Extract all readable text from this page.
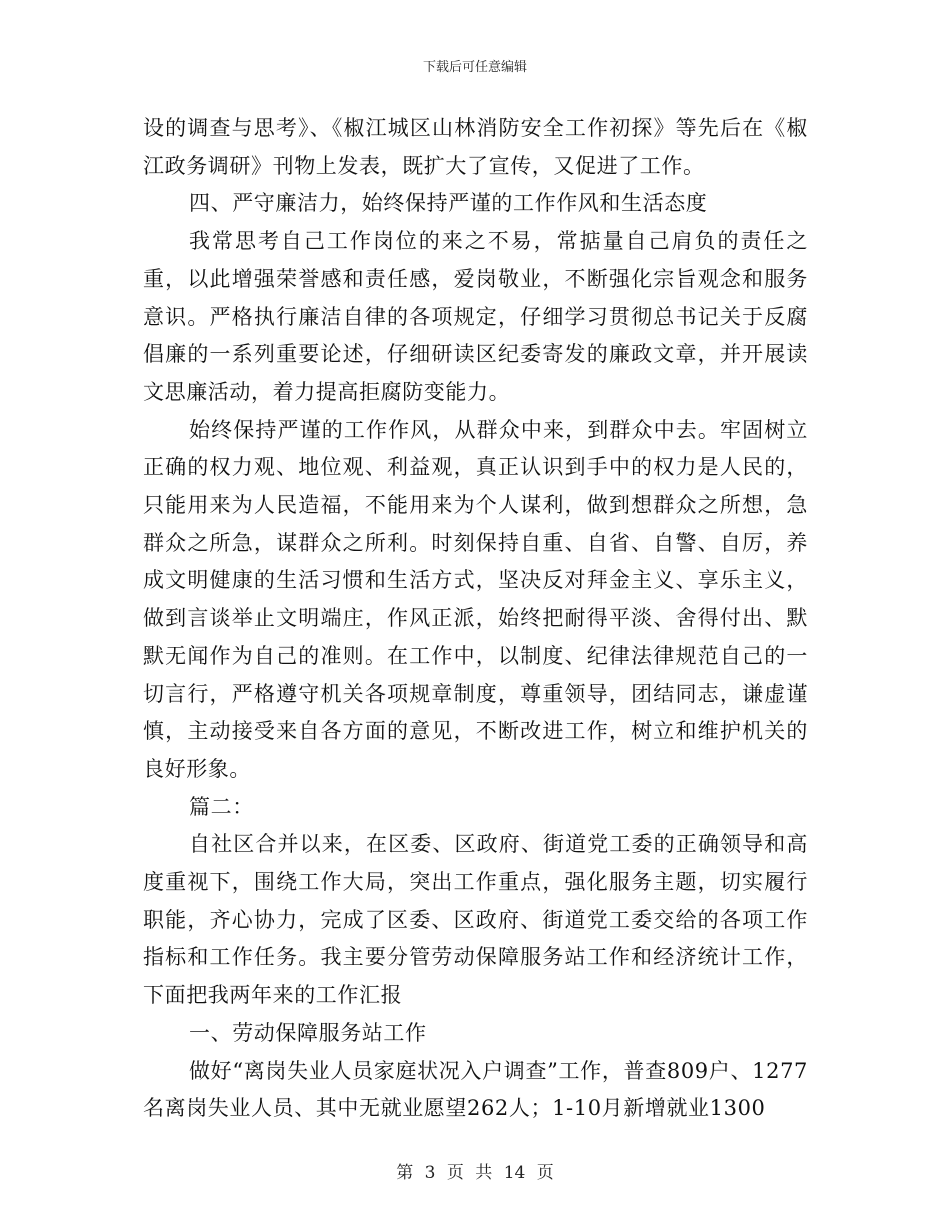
下载后可任意编辑

设的调查与思考》、《椒江城区山林消防安全工作初探》等先后在《椒江政务调研》刊物上发表，既扩大了宣传，又促进了工作。

四、严守廉洁力，始终保持严谨的工作作风和生活态度

我常思考自己工作岗位的来之不易，常掂量自己肩负的责任之重，以此增强荣誉感和责任感，爱岗敬业，不断强化宗旨观念和服务意识。严格执行廉洁自律的各项规定，仔细学习贯彻总书记关于反腐倡廉的一系列重要论述，仔细研读区纪委寄发的廉政文章，并开展读文思廉活动，着力提高拒腐防变能力。

始终保持严谨的工作作风，从群众中来，到群众中去。牢固树立正确的权力观、地位观、利益观，真正认识到手中的权力是人民的，只能用来为人民造福，不能用来为个人谋利，做到想群众之所想，急群众之所急，谋群众之所利。时刻保持自重、自省、自警、自厉，养成文明健康的生活习惯和生活方式，坚决反对拜金主义、享乐主义，做到言谈举止文明端庄，作风正派，始终把耐得平淡、舍得付出、默默无闻作为自己的准则。在工作中，以制度、纪律法律规范自己的一切言行，严格遵守机关各项规章制度，尊重领导，团结同志，谦虚谨慎，主动接受来自各方面的意见，不断改进工作，树立和维护机关的良好形象。

篇二：

自社区合并以来，在区委、区政府、街道党工委的正确领导和高度重视下，围绕工作大局，突出工作重点，强化服务主题，切实履行职能，齐心协力，完成了区委、区政府、街道党工委交给的各项工作指标和工作任务。我主要分管劳动保障服务站工作和经济统计工作，下面把我两年来的工作汇报

一、劳动保障服务站工作

做好“离岗失业人员家庭状况入户调查”工作，普查809户、1277名离岗失业人员、其中无就业愿望262人；1-10月新增就业1300

第 3 页 共 14 页
